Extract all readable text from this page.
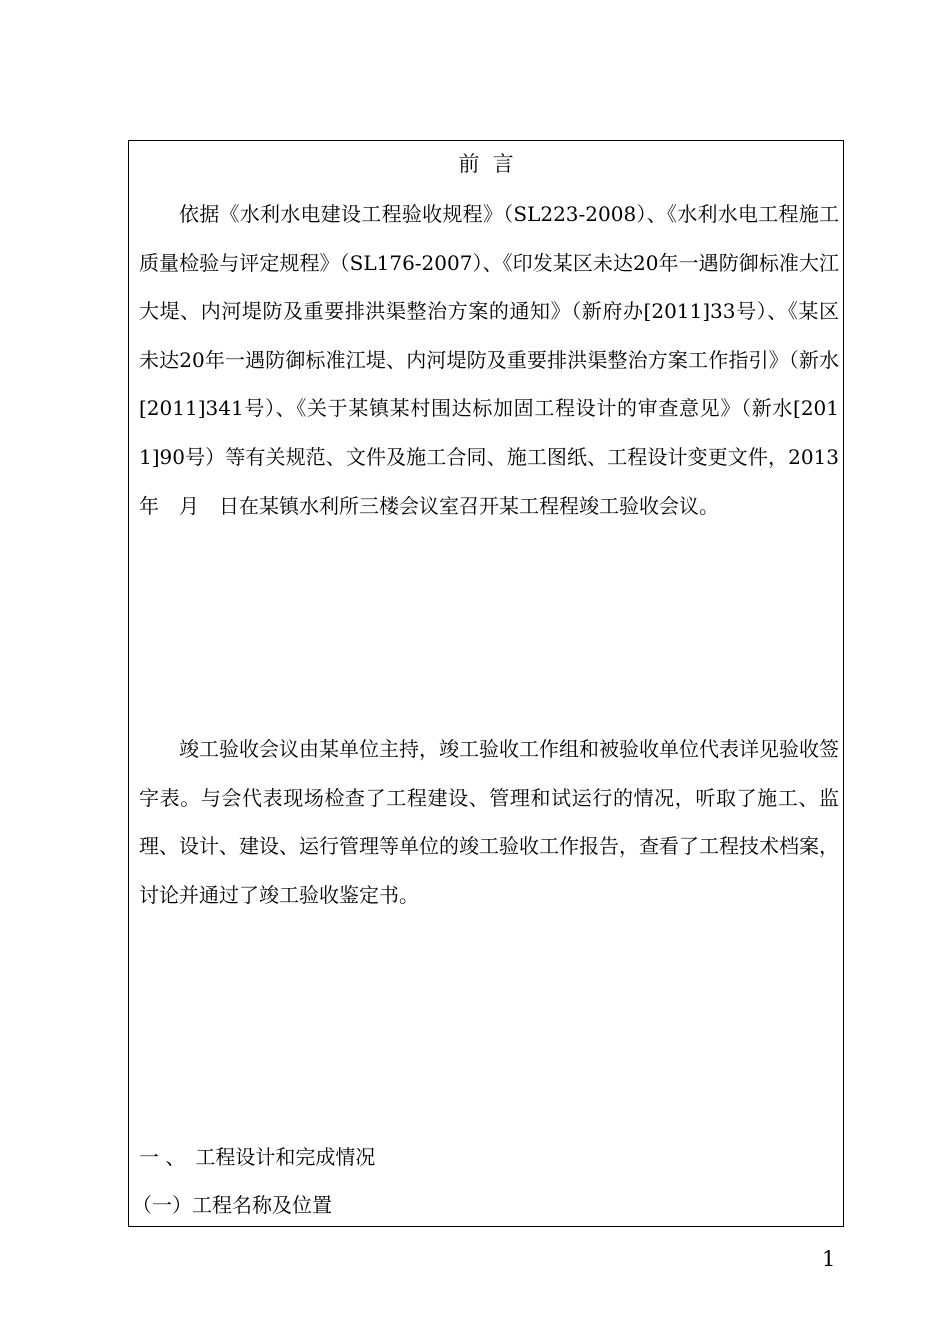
前  言

依据《水利水电建设工程验收规程》（SL223-2008）、《水利水电工程施工质量检验与评定规程》（SL176-2007）、《印发某区未达20年一遇防御标准大江大堤、内河堤防及重要排洪渠整治方案的通知》（新府办[2011]33号）、《某区未达20年一遇防御标准江堤、内河堤防及重要排洪渠整治方案工作指引》（新水[2011]341号）、《关于某镇某村围达标加固工程设计的审查意见》（新水[2011]90号）等有关规范、文件及施工合同、施工图纸、工程设计变更文件，2013年　月　日在某镇水利所三楼会议室召开某工程程竣工验收会议。

竣工验收会议由某单位主持，竣工验收工作组和被验收单位代表详见验收签字表。与会代表现场检查了工程建设、管理和试运行的情况，听取了施工、监理、设计、建设、运行管理等单位的竣工验收工作报告，查看了工程技术档案，讨论并通过了竣工验收鉴定书。

一 、　工程设计和完成情况
（一）工程名称及位置
1
